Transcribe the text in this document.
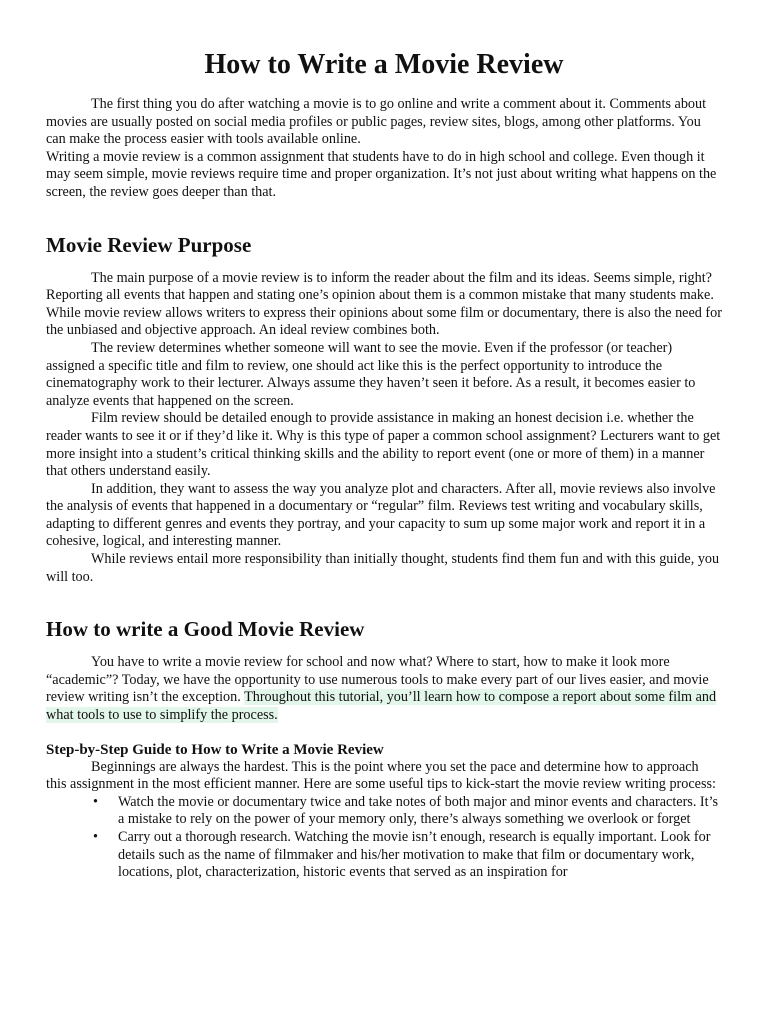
How to Write a Movie Review

The first thing you do after watching a movie is to go online and write a comment about it. Comments about movies are usually posted on social media profiles or public pages, review sites, blogs, among other platforms. You can make the process easier with tools available online.

Writing a movie review is a common assignment that students have to do in high school and college. Even though it may seem simple, movie reviews require time and proper organization. It’s not just about writing what happens on the screen, the review goes deeper than that.

Movie Review Purpose

The main purpose of a movie review is to inform the reader about the film and its ideas. Seems simple, right? Reporting all events that happen and stating one’s opinion about them is a common mistake that many students make. While movie review allows writers to express their opinions about some film or documentary, there is also the need for the unbiased and objective approach. An ideal review combines both.

The review determines whether someone will want to see the movie. Even if the professor (or teacher) assigned a specific title and film to review, one should act like this is the perfect opportunity to introduce the cinematography work to their lecturer. Always assume they haven’t seen it before. As a result, it becomes easier to analyze events that happened on the screen.

Film review should be detailed enough to provide assistance in making an honest decision i.e. whether the reader wants to see it or if they’d like it. Why is this type of paper a common school assignment? Lecturers want to get more insight into a student’s critical thinking skills and the ability to report event (one or more of them) in a manner that others understand easily.

In addition, they want to assess the way you analyze plot and characters. After all, movie reviews also involve the analysis of events that happened in a documentary or “regular” film. Reviews test writing and vocabulary skills, adapting to different genres and events they portray, and your capacity to sum up some major work and report it in a cohesive, logical, and interesting manner.

While reviews entail more responsibility than initially thought, students find them fun and with this guide, you will too.

How to write a Good Movie Review

You have to write a movie review for school and now what? Where to start, how to make it look more “academic”? Today, we have the opportunity to use numerous tools to make every part of our lives easier, and movie review writing isn’t the exception. Throughout this tutorial, you’ll learn how to compose a report about some film and what tools to use to simplify the process.

Step-by-Step Guide to How to Write a Movie Review

Beginnings are always the hardest. This is the point where you set the pace and determine how to approach this assignment in the most efficient manner. Here are some useful tips to kick-start the movie review writing process:

• Watch the movie or documentary twice and take notes of both major and minor events and characters. It’s a mistake to rely on the power of your memory only, there’s always something we overlook or forget
• Carry out a thorough research. Watching the movie isn’t enough, research is equally important. Look for details such as the name of filmmaker and his/her motivation to make that film or documentary work, locations, plot, characterization, historic events that served as an inspiration for
